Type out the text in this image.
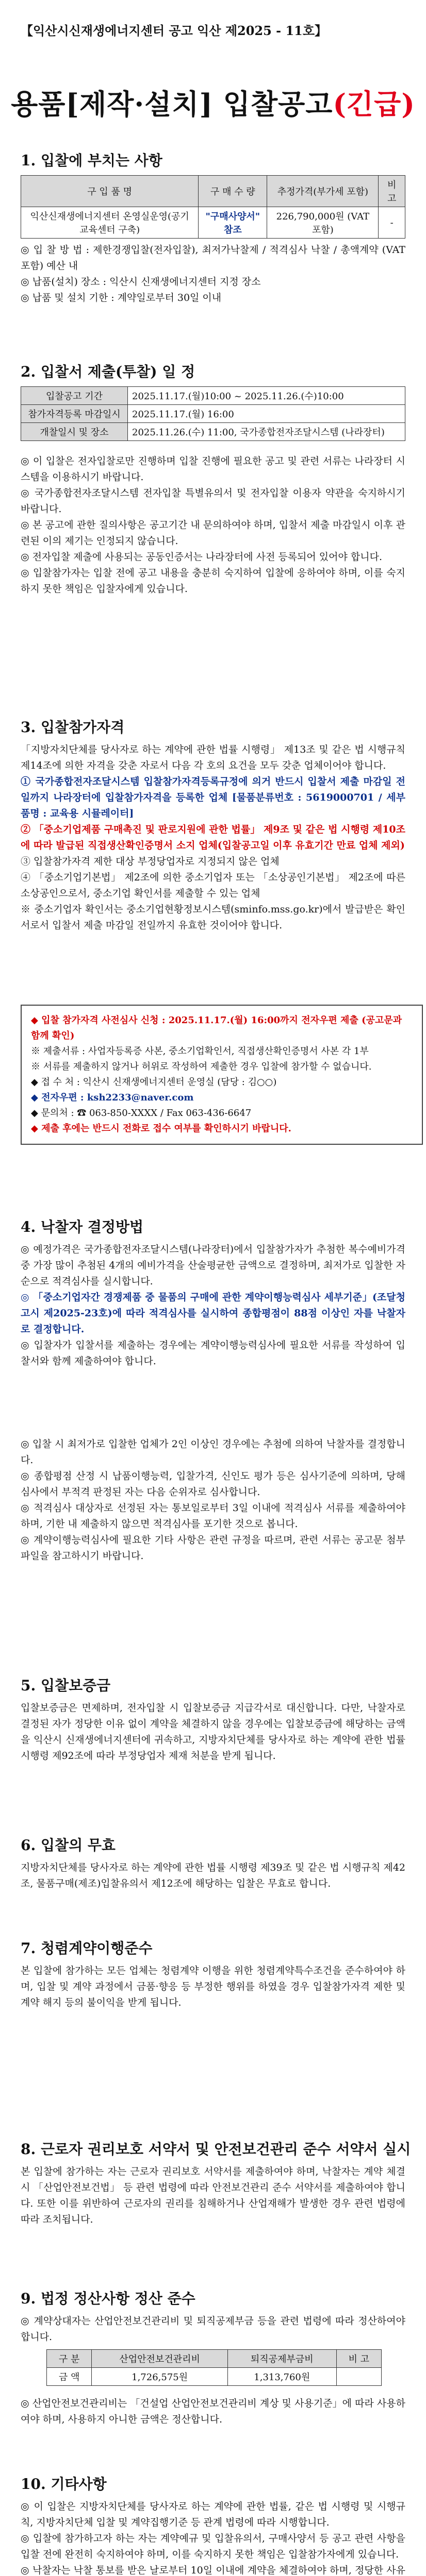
【익산시신재생에너지센터 공고 익산 제2025 - 11호】
용품[제작·설치] 입찰공고(긴급)
1. 입찰에 부치는 사항
구 입 품 명	구 매 수 량	추정가격(부가세 포함)	비 고
익산신재생에너지센터 온영실운영(공기 교육센터 구축)	"구매사양서" 참조	226,790,000원 (VAT 포함)	-
◎ 입 찰 방 법 : 제한경쟁입찰(전자입찰), 최저가낙찰제 / 적격심사 낙찰 / 총액계약 (VAT포함) 예산 내
◎ 납품(설치) 장소 : 익산시 신재생에너지센터 지정 장소
◎ 납품 및 설치 기한 : 계약일로부터 30일 이내
2. 입찰서 제출(투찰) 일 정
입찰공고 기간	2025.11.17.(월)10:00 ~ 2025.11.26.(수)10:00
참가자격등록 마감일시	2025.11.17.(월) 16:00
개찰일시 및 장소	2025.11.26.(수) 11:00, 국가종합전자조달시스템 (나라장터)
◎ 이 입찰은 전자입찰로만 진행하며 입찰 진행에 필요한 공고 및 관련 서류는 나라장터 시스템을 이용하시기 바랍니다.
◎ 국가종합전자조달시스템 전자입찰 특별유의서 및 전자입찰 이용자 약관을 숙지하시기 바랍니다.
◎ 본 공고에 관한 질의사항은 공고기간 내 문의하여야 하며, 입찰서 제출 마감일시 이후 관련된 이의 제기는 인정되지 않습니다.
◎ 전자입찰 제출에 사용되는 공동인증서는 나라장터에 사전 등록되어 있어야 합니다.
◎ 입찰참가자는 입찰 전에 공고 내용을 충분히 숙지하여 입찰에 응하여야 하며, 이를 숙지하지 못한 책임은 입찰자에게 있습니다.
3. 입찰참가자격
「지방자치단체를 당사자로 하는 계약에 관한 법률 시행령」 제13조 및 같은 법 시행규칙 제14조에 의한 자격을 갖춘 자로서 다음 각 호의 요건을 모두 갖춘 업체이어야 합니다.
① 국가종합전자조달시스템 입찰참가자격등록규정에 의거 반드시 입찰서 제출 마감일 전일까지 나라장터에 입찰참가자격을 등록한 업체 [물품분류번호 : 5619000701 / 세부품명 : 교육용 시뮬레이터]
② 「중소기업제품 구매촉진 및 판로지원에 관한 법률」 제9조 및 같은 법 시행령 제10조에 따라 발급된 직접생산확인증명서 소지 업체(입찰공고일 이후 유효기간 만료 업체 제외)
③ 입찰참가자격 제한 대상 부정당업자로 지정되지 않은 업체
④ 「중소기업기본법」 제2조에 의한 중소기업자 또는 「소상공인기본법」 제2조에 따른 소상공인으로서, 중소기업 확인서를 제출할 수 있는 업체
※ 중소기업자 확인서는 중소기업현황정보시스템(sminfo.mss.go.kr)에서 발급받은 확인서로서 입찰서 제출 마감일 전일까지 유효한 것이어야 합니다.
◆ 입찰 참가자격 사전심사 신청 : 2025.11.17.(월) 16:00까지 전자우편 제출 (공고문과 함께 확인)
※ 제출서류 : 사업자등록증 사본, 중소기업확인서, 직접생산확인증명서 사본 각 1부
※ 서류를 제출하지 않거나 허위로 작성하여 제출한 경우 입찰에 참가할 수 없습니다.
◆ 접 수 처 : 익산시 신재생에너지센터 운영실 (담당 : 김○○)
◆ 전자우편 : ksh2233@naver.com
◆ 문의처 : ☎ 063-850-XXXX / Fax 063-436-6647
◆ 제출 후에는 반드시 전화로 접수 여부를 확인하시기 바랍니다.
4. 낙찰자 결정방법
◎ 예정가격은 국가종합전자조달시스템(나라장터)에서 입찰참가자가 추첨한 복수예비가격 중 가장 많이 추첨된 4개의 예비가격을 산술평균한 금액으로 결정하며, 최저가로 입찰한 자 순으로 적격심사를 실시합니다.
◎ 「중소기업자간 경쟁제품 중 물품의 구매에 관한 계약이행능력심사 세부기준」(조달청 고시 제2025-23호)에 따라 적격심사를 실시하여 종합평점이 88점 이상인 자를 낙찰자로 결정합니다.
◎ 입찰자가 입찰서를 제출하는 경우에는 계약이행능력심사에 필요한 서류를 작성하여 입찰서와 함께 제출하여야 합니다.
◎ 입찰 시 최저가로 입찰한 업체가 2인 이상인 경우에는 추첨에 의하여 낙찰자를 결정합니다.
◎ 종합평점 산정 시 납품이행능력, 입찰가격, 신인도 평가 등은 심사기준에 의하며, 당해 심사에서 부적격 판정된 자는 다음 순위자로 심사합니다.
◎ 적격심사 대상자로 선정된 자는 통보일로부터 3일 이내에 적격심사 서류를 제출하여야 하며, 기한 내 제출하지 않으면 적격심사를 포기한 것으로 봅니다.
◎ 계약이행능력심사에 필요한 기타 사항은 관련 규정을 따르며, 관련 서류는 공고문 첨부파일을 참고하시기 바랍니다.
5. 입찰보증금
입찰보증금은 면제하며, 전자입찰 시 입찰보증금 지급각서로 대신합니다. 다만, 낙찰자로 결정된 자가 정당한 이유 없이 계약을 체결하지 않을 경우에는 입찰보증금에 해당하는 금액을 익산시 신재생에너지센터에 귀속하고, 지방자치단체를 당사자로 하는 계약에 관한 법률 시행령 제92조에 따라 부정당업자 제재 처분을 받게 됩니다.
6. 입찰의 무효
지방자치단체를 당사자로 하는 계약에 관한 법률 시행령 제39조 및 같은 법 시행규칙 제42조, 물품구매(제조)입찰유의서 제12조에 해당하는 입찰은 무효로 합니다.
7. 청렴계약이행준수
본 입찰에 참가하는 모든 업체는 청렴계약 이행을 위한 청렴계약특수조건을 준수하여야 하며, 입찰 및 계약 과정에서 금품·향응 등 부정한 행위를 하였을 경우 입찰참가자격 제한 및 계약 해지 등의 불이익을 받게 됩니다.
8. 근로자 권리보호 서약서 및 안전보건관리 준수 서약서 실시
본 입찰에 참가하는 자는 근로자 권리보호 서약서를 제출하여야 하며, 낙찰자는 계약 체결 시 「산업안전보건법」 등 관련 법령에 따라 안전보건관리 준수 서약서를 제출하여야 합니다. 또한 이를 위반하여 근로자의 권리를 침해하거나 산업재해가 발생한 경우 관련 법령에 따라 조치됩니다.
9. 법정 정산사항 정산 준수
◎ 계약상대자는 산업안전보건관리비 및 퇴직공제부금 등을 관련 법령에 따라 정산하여야 합니다.
구 분	산업안전보건관리비	퇴직공제부금비	비 고
금 액	1,726,575원	1,313,760원	
◎ 산업안전보건관리비는 「건설업 산업안전보건관리비 계상 및 사용기준」에 따라 사용하여야 하며, 사용하지 아니한 금액은 정산합니다.
10. 기타사항
◎ 이 입찰은 지방자치단체를 당사자로 하는 계약에 관한 법률, 같은 법 시행령 및 시행규칙, 지방자치단체 입찰 및 계약집행기준 등 관계 법령에 따라 시행합니다.
◎ 입찰에 참가하고자 하는 자는 계약예규 및 입찰유의서, 구매사양서 등 공고 관련 사항을 입찰 전에 완전히 숙지하여야 하며, 이를 숙지하지 못한 책임은 입찰참가자에게 있습니다.
◎ 낙찰자는 낙찰 통보를 받은 날로부터 10일 이내에 계약을 체결하여야 하며, 정당한 사유
